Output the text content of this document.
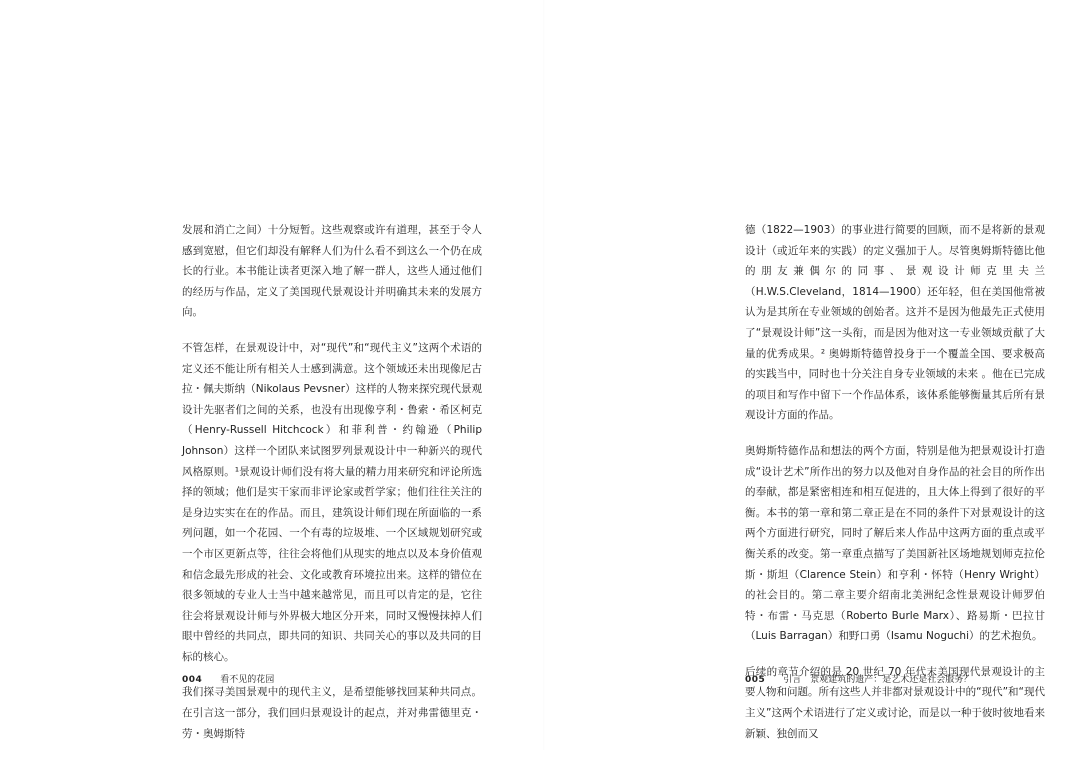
发展和消亡之间）十分短暂。这些观察或许有道理，甚至于令人感到宽慰，但它们却没有解释人们为什么看不到这么一个仍在成长的行业。本书能让读者更深入地了解一群人，这些人通过他们的经历与作品，定义了美国现代景观设计并明确其未来的发展方向。

不管怎样，在景观设计中，对“现代”和“现代主义”这两个术语的定义还不能让所有相关人士感到满意。这个领域还未出现像尼古拉・佩夫斯纳（Nikolaus Pevsner）这样的人物来探究现代景观设计先驱者们之间的关系，也没有出现像亨利・鲁索・希区柯克（Henry-Russell Hitchcock）和菲利普・约翰逊（Philip Johnson）这样一个团队来试图罗列景观设计中一种新兴的现代风格原则。¹景观设计师们没有将大量的精力用来研究和评论所选择的领域；他们是实干家而非评论家或哲学家；他们往往关注的是身边实实在在的作品。而且，建筑设计师们现在所面临的一系列问题，如一个花园、一个有毒的垃圾堆、一个区域规划研究或一个市区更新点等，往往会将他们从现实的地点以及本身价值观和信念最先形成的社会、文化或教育环境拉出来。这样的错位在很多领域的专业人士当中越来越常见，而且可以肯定的是，它往往会将景观设计师与外界极大地区分开来，同时又慢慢抹掉人们眼中曾经的共同点，即共同的知识、共同关心的事以及共同的目标的核心。

我们探寻美国景观中的现代主义，是希望能够找回某种共同点。在引言这一部分，我们回归景观设计的起点，并对弗雷德里克・劳・奥姆斯特

004 看不见的花园

德（1822—1903）的事业进行简要的回顾，而不是将新的景观设计（或近年来的实践）的定义强加于人。尽管奥姆斯特德比他的朋友兼偶尔的同事、景观设计师克里夫兰（H.W.S.Cleveland，1814—1900）还年轻，但在美国他常被认为是其所在专业领域的创始者。这并不是因为他最先正式使用了“景观设计师”这一头衔，而是因为他对这一专业领域贡献了大量的优秀成果。² 奥姆斯特德曾投身于一个覆盖全国、要求极高的实践当中，同时也十分关注自身专业领域的未来 。他在已完成的项目和写作中留下一个作品体系，该体系能够衡量其后所有景观设计方面的作品。

奥姆斯特德作品和想法的两个方面，特别是他为把景观设计打造成“设计艺术”所作出的努力以及他对自身作品的社会目的所作出的奉献，都是紧密相连和相互促进的，且大体上得到了很好的平衡。本书的第一章和第二章正是在不同的条件下对景观设计的这两个方面进行研究，同时了解后来人作品中这两方面的重点或平衡关系的改变。第一章重点描写了美国新社区场地规划师克拉伦斯・斯坦（Clarence Stein）和亨利・怀特（Henry Wright）的社会目的。第二章主要介绍南北美洲纪念性景观设计师罗伯特・布雷・马克思（Roberto Burle Marx）、路易斯・巴拉甘（Luis Barragan）和野口勇（Isamu Noguchi）的艺术抱负。

后续的章节介绍的是 20 世纪 70 年代末美国现代景观设计的主要人物和问题。所有这些人并非都对景观设计中的“现代”和“现代主义”这两个术语进行了定义或讨论，而是以一种于彼时彼地看来新颖、独创而又

005 引言　景观建筑的遗产：是艺术还是社会服务？
